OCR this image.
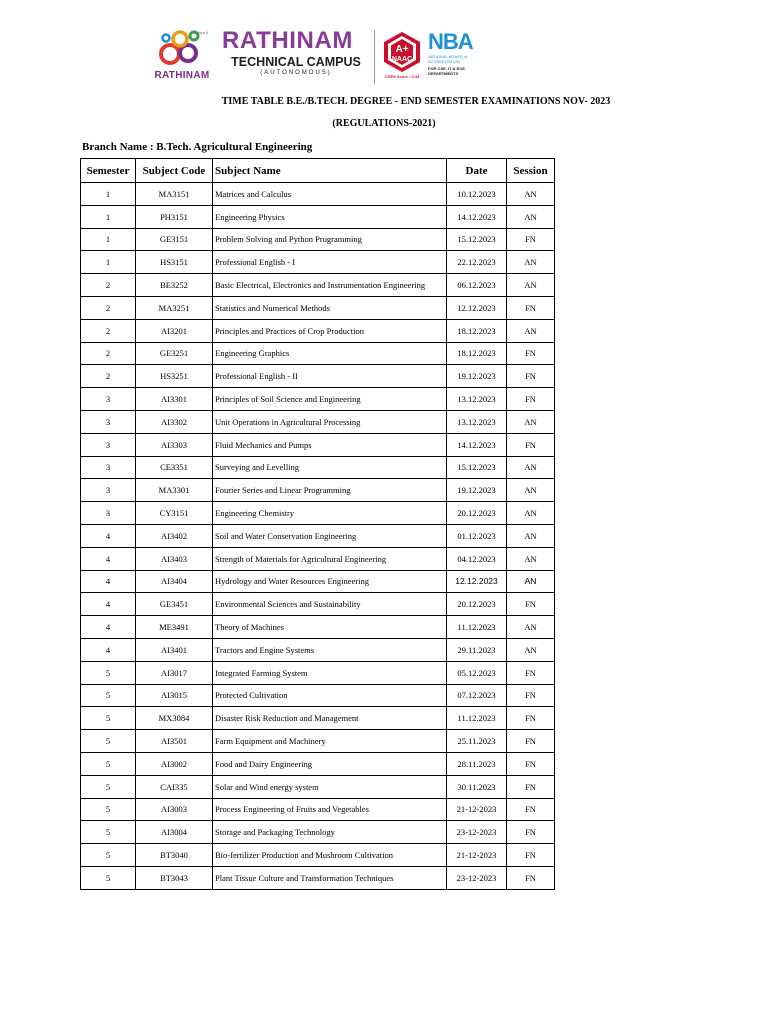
Chitra 9
RATHINAM
RATHINAM
TECHNICAL CAMPUS
(AUTONOMOUS)
A+
NAAC
CGPA Score : 3.43
NBA
NATIONAL BOARD of ACCREDITATION
FOR CSE, IT & ECE DEPARTMENTS
TIME TABLE B.E./B.TECH. DEGREE - END SEMESTER EXAMINATIONS NOV- 2023
(REGULATIONS-2021)
Branch Name : B.Tech. Agricultural Engineering
Semester	Subject Code	Subject Name	Date	Session
1	MA3151	Matrices and Calculus	10.12.2023	AN
1	PH3151	Engineering Physics	14.12.2023	AN
1	GE3151	Problem Solving and Python Programming	15.12.2023	FN
1	HS3151	Professional English - I	22.12.2023	AN
2	BE3252	Basic Electrical, Electronics and Instrumentation Engineering	06.12.2023	AN
2	MA3251	Statistics and Numerical Methods	12.12.2023	FN
2	AI3201	Principles and Practices of Crop Production	18.12.2023	AN
2	GE3251	Engineering Graphics	18.12.2023	FN
2	HS3251	Professional English - II	19.12.2023	FN
3	AI3301	Principles of Soil Science and Engineering	13.12.2023	FN
3	AI3302	Unit Operations in Agricultural Processing	13.12.2023	AN
3	AI3303	Fluid Mechanics and Pumps	14.12.2023	FN
3	CE3351	Surveying and Levelling	15.12.2023	AN
3	MA3301	Fourier Series and Linear Programming	19.12.2023	AN
3	CY3151	Engineering Chemistry	20.12.2023	AN
4	AI3402	Soil and Water Conservation Engineering	01.12.2023	AN
4	AI3403	Strength of Materials for Agricultural Engineering	04.12.2023	AN
4	AI3404	Hydrology and Water Resources Engineering	12.12.2023	AN
4	GE3451	Environmental Sciences and Sustainability	20.12.2023	FN
4	ME3491	Theory of Machines	11.12.2023	AN
4	AI3401	Tractors and Engine Systems	29.11.2023	AN
5	AI3017	Integrated Farming System	05.12.2023	FN
5	AI3015	Protected Cultivation	07.12.2023	FN
5	MX3084	Disaster Risk Reduction and Management	11.12.2023	FN
5	AI3501	Farm Equipment and Machinery	25.11.2023	FN
5	AI3002	Food and Dairy Engineering	28.11.2023	FN
5	CAI335	Solar and Wind energy system	30.11.2023	FN
5	AI3003	Process Engineering of Fruits and Vegetables	21-12-2023	FN
5	AI3004	Storage and Packaging Technology	23-12-2023	FN
5	BT3040	Bio-fertilizer Production and Mushroom Cultivation	21-12-2023	FN
5	BT3043	Plant Tissue Culture and Transformation Techniques	23-12-2023	FN
